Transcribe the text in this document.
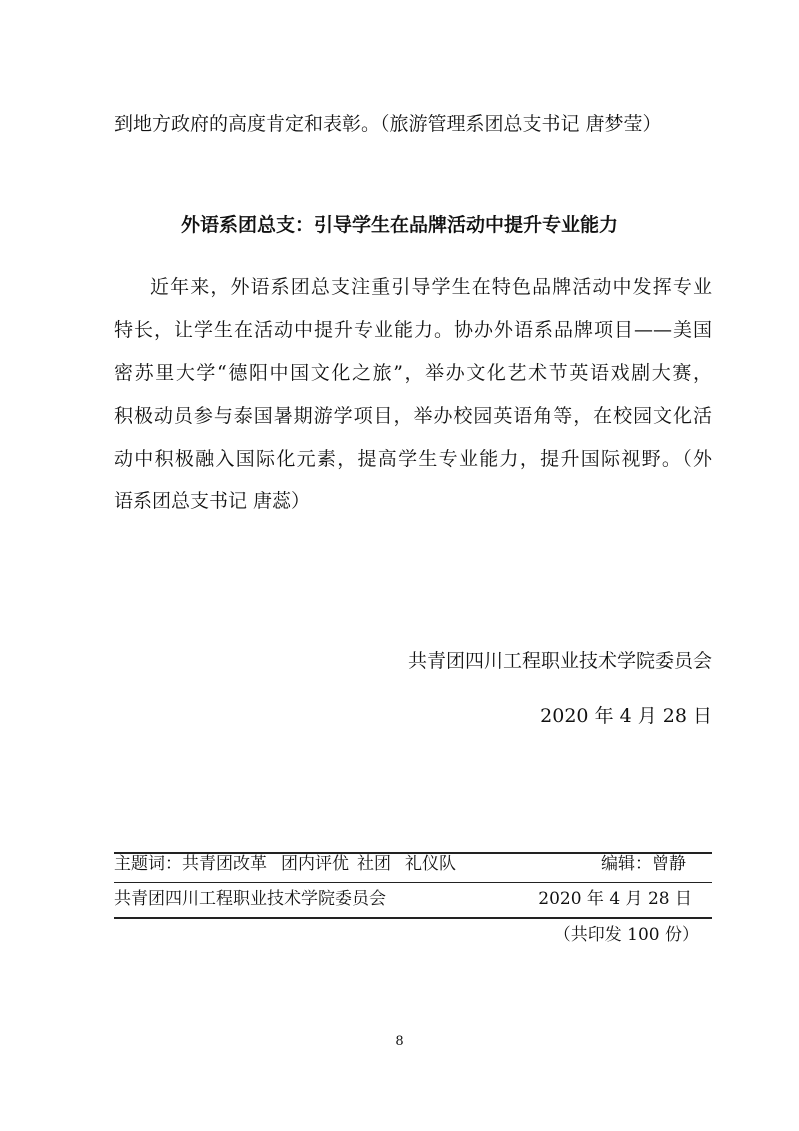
到地方政府的高度肯定和表彰。（旅游管理系团总支书记 唐梦莹）
外语系团总支：引导学生在品牌活动中提升专业能力
近年来，外语系团总支注重引导学生在特色品牌活动中发挥专业
特长，让学生在活动中提升专业能力。协办外语系品牌项目——美国
密苏里大学“德阳中国文化之旅”，举办文化艺术节英语戏剧大赛，
积极动员参与泰国暑期游学项目，举办校园英语角等，在校园文化活
动中积极融入国际化元素，提高学生专业能力，提升国际视野。（外
语系团总支书记 唐蕊）
共青团四川工程职业技术学院委员会
2020 年 4 月 28 日
主题词：共青团改革 团内评优 社团 礼仪队	编辑：曾静
共青团四川工程职业技术学院委员会	2020 年 4 月 28 日
（共印发 100 份）
8
